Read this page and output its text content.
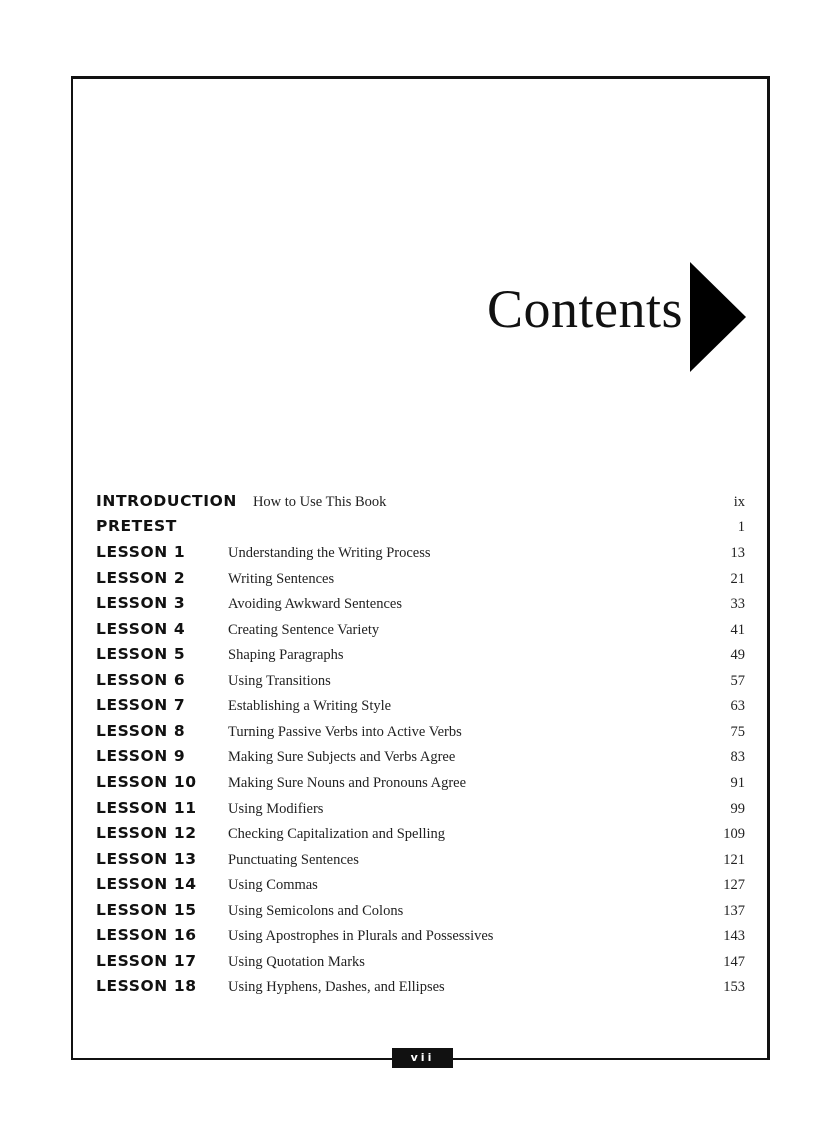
Contents
INTRODUCTION How to Use This Book	ix
PRETEST	1
LESSON 1	Understanding the Writing Process	13
LESSON 2	Writing Sentences	21
LESSON 3	Avoiding Awkward Sentences	33
LESSON 4	Creating Sentence Variety	41
LESSON 5	Shaping Paragraphs	49
LESSON 6	Using Transitions	57
LESSON 7	Establishing a Writing Style	63
LESSON 8	Turning Passive Verbs into Active Verbs	75
LESSON 9	Making Sure Subjects and Verbs Agree	83
LESSON 10	Making Sure Nouns and Pronouns Agree	91
LESSON 11	Using Modifiers	99
LESSON 12	Checking Capitalization and Spelling	109
LESSON 13	Punctuating Sentences	121
LESSON 14	Using Commas	127
LESSON 15	Using Semicolons and Colons	137
LESSON 16	Using Apostrophes in Plurals and Possessives	143
LESSON 17	Using Quotation Marks	147
LESSON 18	Using Hyphens, Dashes, and Ellipses	153
vii
